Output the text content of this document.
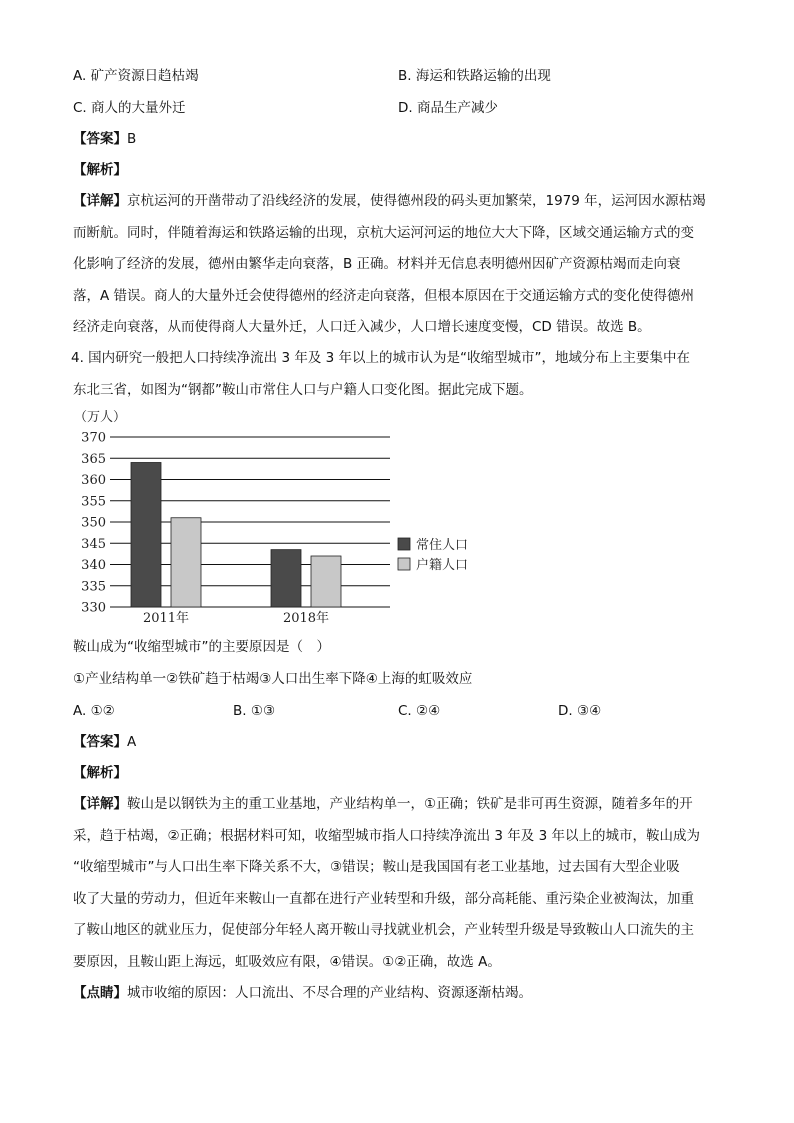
A. 矿产资源日趋枯竭	B. 海运和铁路运输的出现
C. 商人的大量外迁	D. 商品生产减少
【答案】B
【解析】
【详解】京杭运河的开凿带动了沿线经济的发展，使得德州段的码头更加繁荣，1979 年，运河因水源枯竭
而断航。同时，伴随着海运和铁路运输的出现，京杭大运河河运的地位大大下降，区域交通运输方式的变
化影响了经济的发展，德州由繁华走向衰落，B 正确。材料并无信息表明德州因矿产资源枯竭而走向衰
落，A 错误。商人的大量外迁会使得德州的经济走向衰落，但根本原因在于交通运输方式的变化使得德州
经济走向衰落，从而使得商人大量外迁，人口迁入减少，人口增长速度变慢，CD 错误。故选 B。
4. 国内研究一般把人口持续净流出 3 年及 3 年以上的城市认为是“收缩型城市”，地域分布上主要集中在
东北三省，如图为“钢都”鞍山市常住人口与户籍人口变化图。据此完成下题。
（万人）
370
365
360
355
350
345
340
335
330
2011年	2018年
常住人口
户籍人口
鞍山成为“收缩型城市”的主要原因是（　）
①产业结构单一②铁矿趋于枯竭③人口出生率下降④上海的虹吸效应
A. ①②	B. ①③	C. ②④	D. ③④
【答案】A
【解析】
【详解】鞍山是以钢铁为主的重工业基地，产业结构单一，①正确；铁矿是非可再生资源，随着多年的开
采，趋于枯竭，②正确；根据材料可知，收缩型城市指人口持续净流出 3 年及 3 年以上的城市，鞍山成为
“收缩型城市”与人口出生率下降关系不大，③错误；鞍山是我国国有老工业基地，过去国有大型企业吸
收了大量的劳动力，但近年来鞍山一直都在进行产业转型和升级，部分高耗能、重污染企业被淘汰，加重
了鞍山地区的就业压力，促使部分年轻人离开鞍山寻找就业机会，产业转型升级是导致鞍山人口流失的主
要原因，且鞍山距上海远，虹吸效应有限，④错误。①②正确，故选 A。
【点睛】城市收缩的原因：人口流出、不尽合理的产业结构、资源逐渐枯竭。
